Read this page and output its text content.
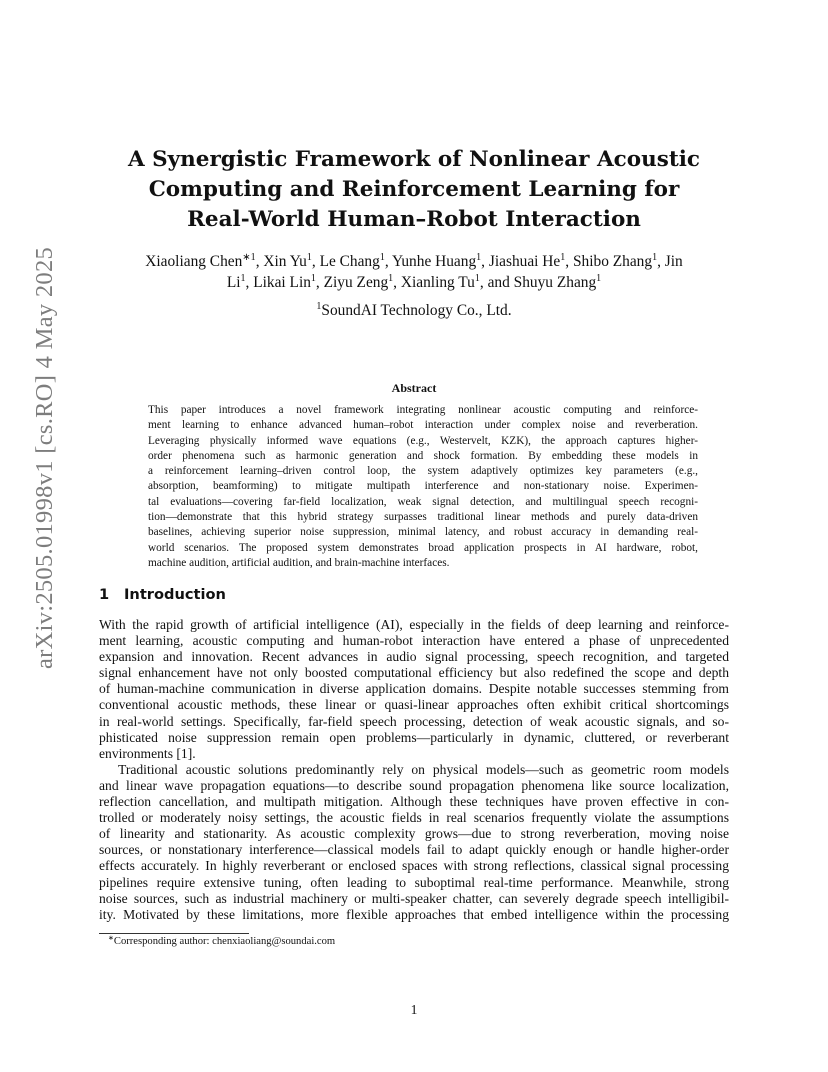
arXiv:2505.01998v1 [cs.RO] 4 May 2025
A Synergistic Framework of Nonlinear Acoustic
Computing and Reinforcement Learning for
Real-World Human–Robot Interaction
Xiaoliang Chen$^{∗1}$, Xin Yu$^1$, Le Chang$^1$, Yunhe Huang$^1$, Jiashuai He$^1$, Shibo Zhang$^1$, Jin
Li$^1$, Likai Lin$^1$, Ziyu Zeng$^1$, Xianling Tu$^1$, and Shuyu Zhang$^1$
$^1$SoundAI Technology Co., Ltd.
Abstract
This paper introduces a novel framework integrating nonlinear acoustic computing and reinforce-
ment learning to enhance advanced human–robot interaction under complex noise and reverberation.
Leveraging physically informed wave equations (e.g., Westervelt, KZK), the approach captures higher-
order phenomena such as harmonic generation and shock formation. By embedding these models in
a reinforcement learning–driven control loop, the system adaptively optimizes key parameters (e.g.,
absorption, beamforming) to mitigate multipath interference and non-stationary noise. Experimen-
tal evaluations—covering far-field localization, weak signal detection, and multilingual speech recogni-
tion—demonstrate that this hybrid strategy surpasses traditional linear methods and purely data-driven
baselines, achieving superior noise suppression, minimal latency, and robust accuracy in demanding real-
world scenarios. The proposed system demonstrates broad application prospects in AI hardware, robot,
machine audition, artificial audition, and brain-machine interfaces.
1 Introduction
With the rapid growth of artificial intelligence (AI), especially in the fields of deep learning and reinforce-
ment learning, acoustic computing and human-robot interaction have entered a phase of unprecedented
expansion and innovation. Recent advances in audio signal processing, speech recognition, and targeted
signal enhancement have not only boosted computational efficiency but also redefined the scope and depth
of human-machine communication in diverse application domains. Despite notable successes stemming from
conventional acoustic methods, these linear or quasi-linear approaches often exhibit critical shortcomings
in real-world settings. Specifically, far-field speech processing, detection of weak acoustic signals, and so-
phisticated noise suppression remain open problems—particularly in dynamic, cluttered, or reverberant
environments [1].
Traditional acoustic solutions predominantly rely on physical models—such as geometric room models
and linear wave propagation equations—to describe sound propagation phenomena like source localization,
reflection cancellation, and multipath mitigation. Although these techniques have proven effective in con-
trolled or moderately noisy settings, the acoustic fields in real scenarios frequently violate the assumptions
of linearity and stationarity. As acoustic complexity grows—due to strong reverberation, moving noise
sources, or nonstationary interference—classical models fail to adapt quickly enough or handle higher-order
effects accurately. In highly reverberant or enclosed spaces with strong reflections, classical signal processing
pipelines require extensive tuning, often leading to suboptimal real-time performance. Meanwhile, strong
noise sources, such as industrial machinery or multi-speaker chatter, can severely degrade speech intelligibil-
ity. Motivated by these limitations, more flexible approaches that embed intelligence within the processing
∗Corresponding author: chenxiaoliang@soundai.com
1
